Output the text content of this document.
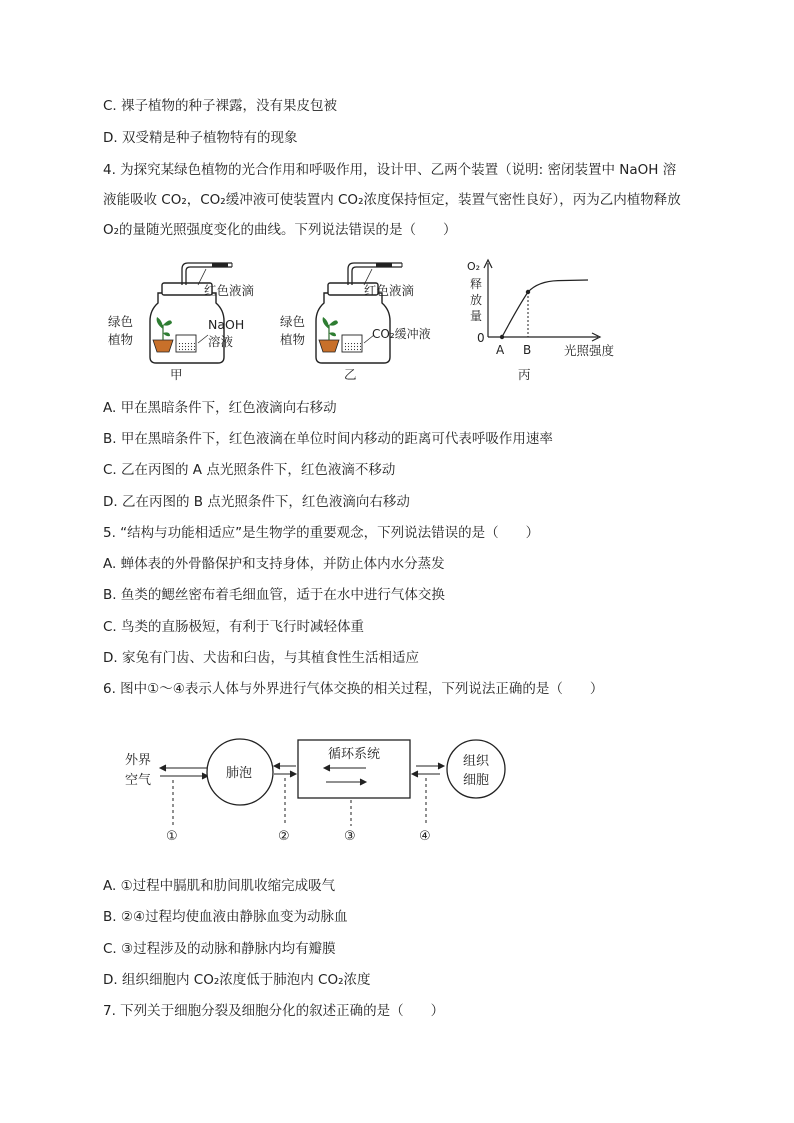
C. 裸子植物的种子裸露，没有果皮包被
D. 双受精是种子植物特有的现象
4. 为探究某绿色植物的光合作用和呼吸作用，设计甲、乙两个装置（说明: 密闭装置中 NaOH 溶
液能吸收 CO₂，CO₂缓冲液可使装置内 CO₂浓度保持恒定，装置气密性良好），丙为乙内植物释放
O₂的量随光照强度变化的曲线。下列说法错误的是（　　）
红色液滴
绿色
植物
NaOH
溶液
甲
红色液滴
绿色
植物	CO₂缓冲液
乙
O₂
释
放
量
0
A B	光照强度
丙
A. 甲在黑暗条件下，红色液滴向右移动
B. 甲在黑暗条件下，红色液滴在单位时间内移动的距离可代表呼吸作用速率
C. 乙在丙图的 A 点光照条件下，红色液滴不移动
D. 乙在丙图的 B 点光照条件下，红色液滴向右移动
5. “结构与功能相适应”是生物学的重要观念，下列说法错误的是（　　）
A. 蝉体表的外骨骼保护和支持身体，并防止体内水分蒸发
B. 鱼类的鳃丝密布着毛细血管，适于在水中进行气体交换
C. 鸟类的直肠极短，有利于飞行时减轻体重
D. 家兔有门齿、犬齿和臼齿，与其植食性生活相适应
6. 图中①～④表示人体与外界进行气体交换的相关过程，下列说法正确的是（　　）
外界
空气	肺泡
循环系统	组织
细胞
①	②	③	④
A. ①过程中膈肌和肋间肌收缩完成吸气
B. ②④过程均使血液由静脉血变为动脉血
C. ③过程涉及的动脉和静脉内均有瓣膜
D. 组织细胞内 CO₂浓度低于肺泡内 CO₂浓度
7. 下列关于细胞分裂及细胞分化的叙述正确的是（　　）
